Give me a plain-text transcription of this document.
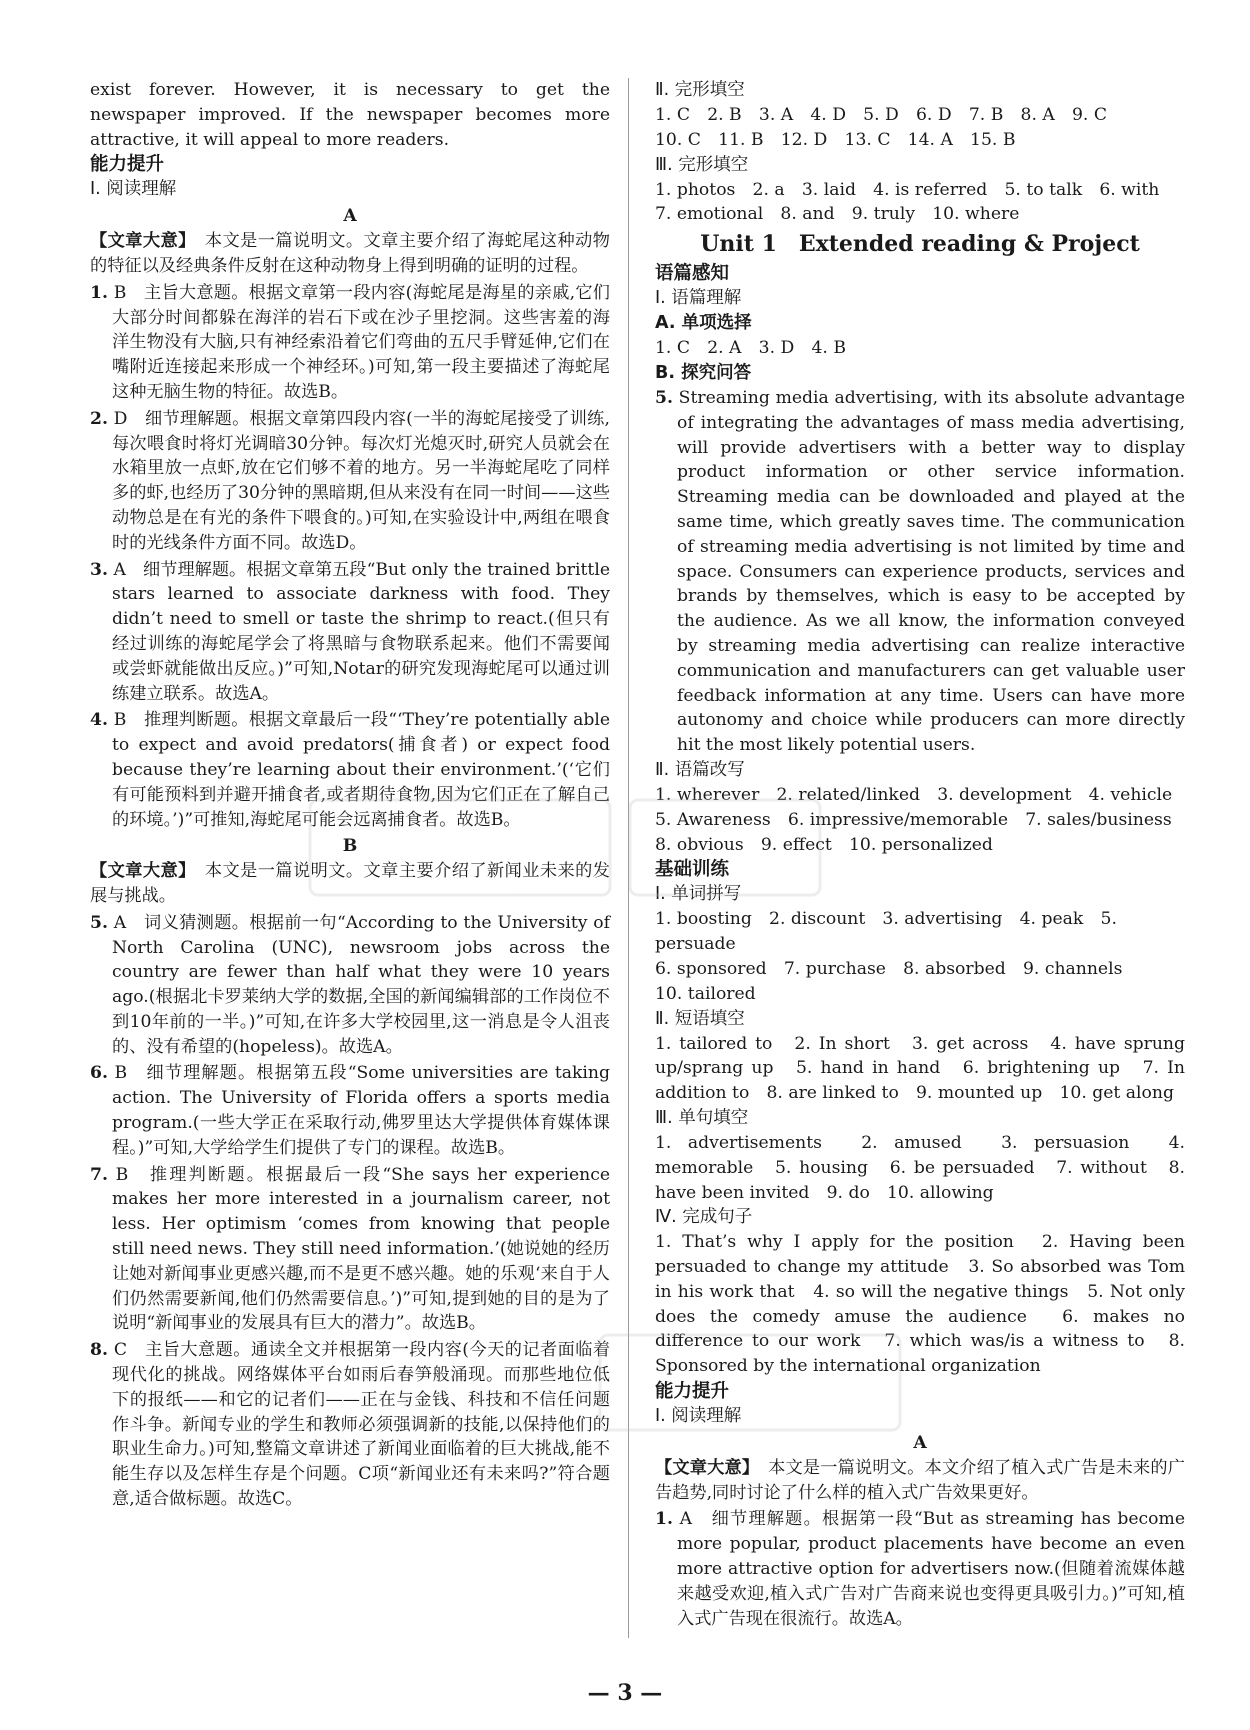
exist forever. However, it is necessary to get the newspaper improved. If the newspaper becomes more attractive, it will appeal to more readers.

能力提升

Ⅰ. 阅读理解

A

【文章大意】　 本文是一篇说明文。文章主要介绍了海蛇尾这种动物的特征以及经典条件反射在这种动物身上得到明确的证明的过程。

1. B　主旨大意题。根据文章第一段内容(海蛇尾是海星的亲戚,它们大部分时间都躲在海洋的岩石下或在沙子里挖洞。这些害羞的海洋生物没有大脑,只有神经索沿着它们弯曲的五尺手臂延伸,它们在嘴附近连接起来形成一个神经环。)可知,第一段主要描述了海蛇尾这种无脑生物的特征。故选B。

2. D　细节理解题。根据文章第四段内容(一半的海蛇尾接受了训练,每次喂食时将灯光调暗30分钟。每次灯光熄灭时,研究人员就会在水箱里放一点虾,放在它们够不着的地方。另一半海蛇尾吃了同样多的虾,也经历了30分钟的黑暗期,但从来没有在同一时间——这些动物总是在有光的条件下喂食的。)可知,在实验设计中,两组在喂食时的光线条件方面不同。故选D。

3. A　细节理解题。根据文章第五段“But only the trained brittle stars learned to associate darkness with food. They didn’t need to smell or taste the shrimp to react.(但只有经过训练的海蛇尾学会了将黑暗与食物联系起来。他们不需要闻或尝虾就能做出反应。)”可知,Notar的研究发现海蛇尾可以通过训练建立联系。故选A。

4. B　推理判断题。根据文章最后一段“‘They’re potentially able to expect and avoid predators(捕食者) or expect food because they’re learning about their environment.’(‘它们有可能预料到并避开捕食者,或者期待食物,因为它们正在了解自己的环境。’)”可推知,海蛇尾可能会远离捕食者。故选B。

B

【文章大意】　 本文是一篇说明文。文章主要介绍了新闻业未来的发展与挑战。

5. A　词义猜测题。根据前一句“According to the University of North Carolina (UNC), newsroom jobs across the country are fewer than half what they were 10 years ago.(根据北卡罗莱纳大学的数据,全国的新闻编辑部的工作岗位不到10年前的一半。)”可知,在许多大学校园里,这一消息是令人沮丧的、没有希望的(hopeless)。故选A。

6. B　细节理解题。根据第五段“Some universities are taking action. The University of Florida offers a sports media program.(一些大学正在采取行动,佛罗里达大学提供体育媒体课程。)”可知,大学给学生们提供了专门的课程。故选B。

7. B　推理判断题。根据最后一段“She says her experience makes her more interested in a journalism career, not less. Her optimism ‘comes from knowing that people still need news. They still need information.’(她说她的经历让她对新闻事业更感兴趣,而不是更不感兴趣。她的乐观‘来自于人们仍然需要新闻,他们仍然需要信息。’)”可知,提到她的目的是为了说明“新闻事业的发展具有巨大的潜力”。故选B。

8. C　主旨大意题。通读全文并根据第一段内容(今天的记者面临着现代化的挑战。网络媒体平台如雨后春笋般涌现。而那些地位低下的报纸——和它的记者们——正在与金钱、科技和不信任问题作斗争。新闻专业的学生和教师必须强调新的技能,以保持他们的职业生命力。)可知,整篇文章讲述了新闻业面临着的巨大挑战,能不能生存以及怎样生存是个问题。C项“新闻业还有未来吗?”符合题意,适合做标题。故选C。

Ⅱ. 完形填空

1. C　2. B　3. A　4. D　5. D　6. D　7. B　8. A　9. C

10. C　11. B　12. D　13. C　14. A　15. B

Ⅲ. 完形填空

1. photos　2. a　3. laid　4. is referred　5. to talk　6. with

7. emotional　8. and　9. truly　10. where

Unit 1　Extended reading & Project

语篇感知

Ⅰ. 语篇理解

A. 单项选择

1. C　2. A　3. D　4. B

B. 探究问答

5. Streaming media advertising, with its absolute advantage of integrating the advantages of mass media advertising, will provide advertisers with a better way to display product information or other service information. Streaming media can be downloaded and played at the same time, which greatly saves time. The communication of streaming media advertising is not limited by time and space. Consumers can experience products, services and brands by themselves, which is easy to be accepted by the audience. As we all know, the information conveyed by streaming media advertising can realize interactive communication and manufacturers can get valuable user feedback information at any time. Users can have more autonomy and choice while producers can more directly hit the most likely potential users.

Ⅱ. 语篇改写

1. wherever　2. related/linked　3. development　4. vehicle

5. Awareness　6. impressive/memorable　7. sales/business

8. obvious　9. effect　10. personalized

基础训练

Ⅰ. 单词拼写

1. boosting　2. discount　3. advertising　4. peak　5. persuade

6. sponsored　7. purchase　8. absorbed　9. channels

10. tailored

Ⅱ. 短语填空

1. tailored to　2. In short　3. get across　4. have sprung up/sprang up　5. hand in hand　6. brightening up　7. In addition to　8. are linked to　9. mounted up　10. get along

Ⅲ. 单句填空

1. advertisements　2. amused　3. persuasion　4. memorable　5. housing　6. be persuaded　7. without　8. have been invited　9. do　10. allowing

Ⅳ. 完成句子

1. That’s why I apply for the position　2. Having been persuaded to change my attitude　3. So absorbed was Tom in his work that　4. so will the negative things　5. Not only does the comedy amuse the audience　6. makes no difference to our work　7. which was/is a witness to　8. Sponsored by the international organization

能力提升

Ⅰ. 阅读理解

A

【文章大意】　 本文是一篇说明文。本文介绍了植入式广告是未来的广告趋势,同时讨论了什么样的植入式广告效果更好。

1. A　细节理解题。根据第一段“But as streaming has become more popular, product placements have become an even more attractive option for advertisers now.(但随着流媒体越来越受欢迎,植入式广告对广告商来说也变得更具吸引力。)”可知,植入式广告现在很流行。故选A。

— 3 —
